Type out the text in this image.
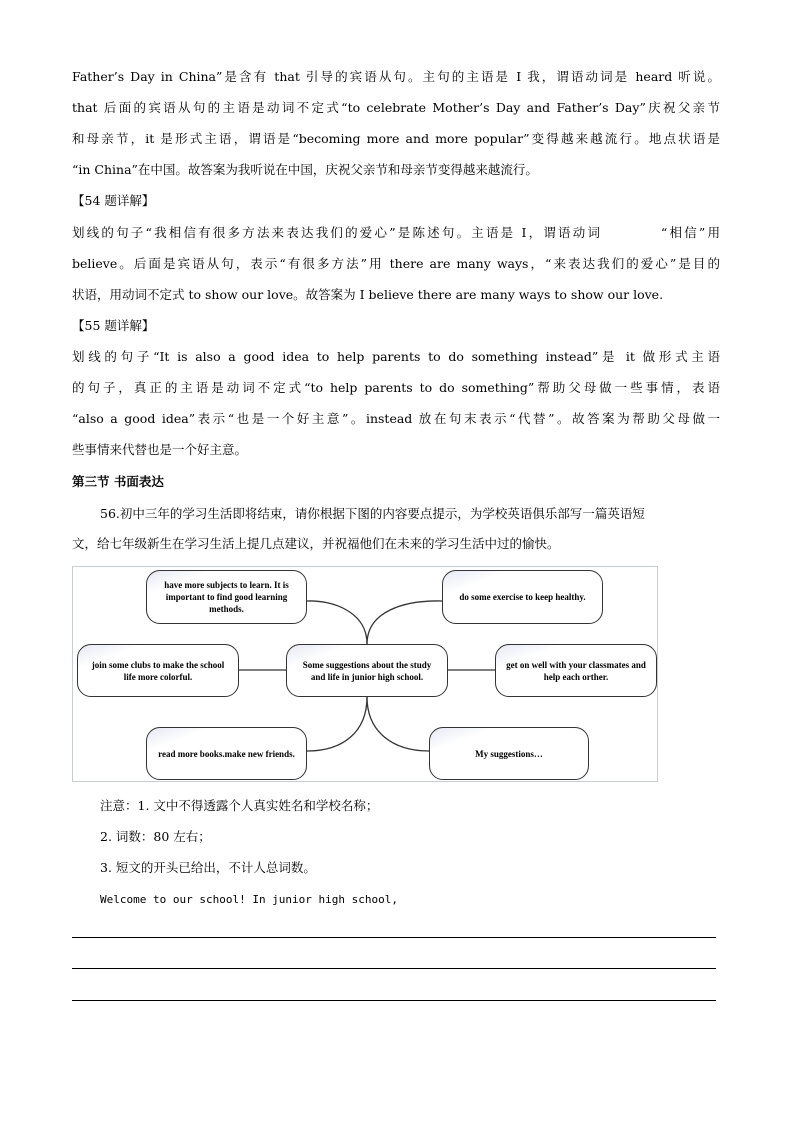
Father’s Day in China”是含有 that 引导的宾语从句。主句的主语是 I 我，谓语动词是 heard 听说。
that 后面的宾语从句的主语是动词不定式“to celebrate Mother’s Day and Father’s Day”庆祝父亲节
和母亲节，it 是形式主语，谓语是“becoming more and more popular”变得越来越流行。地点状语是
“in China”在中国。故答案为我听说在中国，庆祝父亲节和母亲节变得越来越流行。
【54 题详解】
划线的句子“我相信有很多方法来表达我们的爱心”是陈述句。主语是 I，谓语动词　　　　“相信”用
believe。后面是宾语从句，表示“有很多方法”用 there are many ways，“来表达我们的爱心”是目的
状语，用动词不定式 to show our love。故答案为 I believe there are many ways to show our love.
【55 题详解】
划线的句子“It is also a good idea to help parents to do something instead”是 it 做形式主语
的句子，真正的主语是动词不定式“to help parents to do something”帮助父母做一些事情，表语
“also a good idea”表示“也是一个好主意”。instead 放在句末表示“代替”。故答案为帮助父母做一
些事情来代替也是一个好主意。
第三节 书面表达
56.初中三年的学习生活即将结束，请你根据下图的内容要点提示，为学校英语俱乐部写一篇英语短
文，给七年级新生在学习生活上提几点建议，并祝福他们在未来的学习生活中过的愉快。
have more subjects to learn. It is important to find good learning methods.
do some exercise to keep healthy.
join some clubs to make the school life more colorful.
Some suggestions about the study and life in junior high school.
get on well with your classmates and help each orther.
read more books.make new friends.	My suggestions…
注意：1. 文中不得透露个人真实姓名和学校名称；
2. 词数：80 左右；
3. 短文的开头已给出，不计人总词数。
Welcome to our school! In junior high school,
